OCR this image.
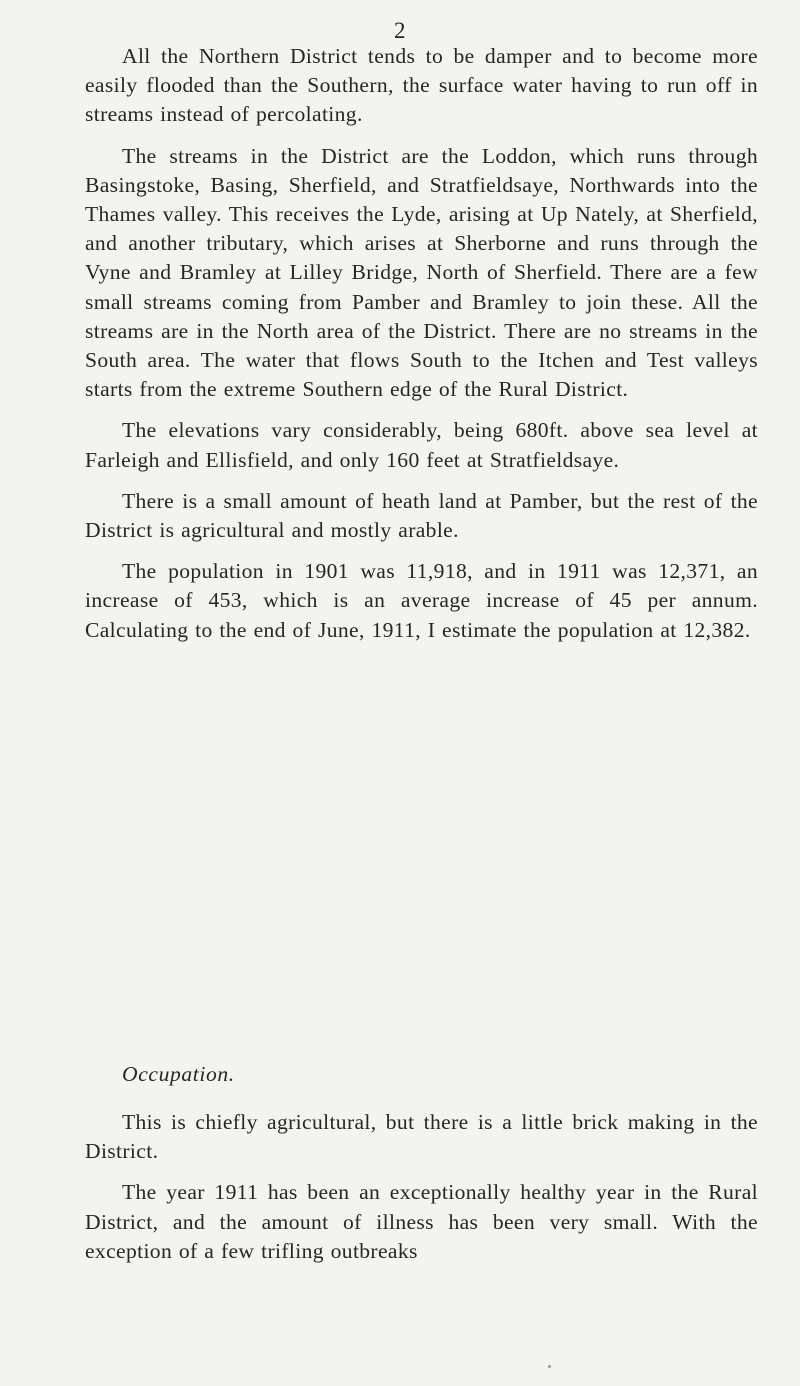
2

All the Northern District tends to be damper and to become more easily flooded than the Southern, the surface water having to run off in streams instead of percolating.

The streams in the District are the Loddon, which runs through Basingstoke, Basing, Sherfield, and Stratfieldsaye, Northwards into the Thames valley. This receives the Lyde, arising at Up Nately, at Sherfield, and another tributary, which arises at Sherborne and runs through the Vyne and Bramley at Lilley Bridge, North of Sherfield. There are a few small streams coming from Pamber and Bramley to join these. All the streams are in the North area of the District. There are no streams in the South area. The water that flows South to the Itchen and Test valleys starts from the extreme Southern edge of the Rural District.

The elevations vary considerably, being 680ft. above sea level at Farleigh and Ellisfield, and only 160 feet at Stratfieldsaye.

There is a small amount of heath land at Pamber, but the rest of the District is agricultural and mostly arable.

The population in 1901 was 11,918, and in 1911 was 12,371, an increase of 453, which is an average increase of 45 per annum. Calculating to the end of June, 1911, I estimate the population at 12,382.

Occupation.

This is chiefly agricultural, but there is a little brick making in the District.

The year 1911 has been an exceptionally healthy year in the Rural District, and the amount of illness has been very small. With the exception of a few trifling outbreaks
